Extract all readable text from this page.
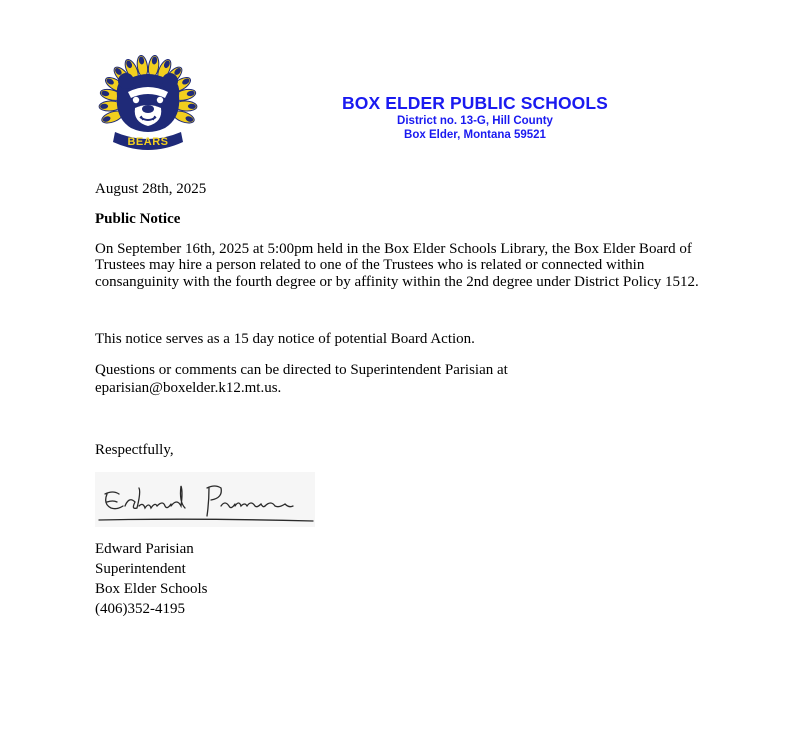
BEARS
BOX ELDER PUBLIC SCHOOLS
District no. 13-G, Hill County
Box Elder, Montana 59521
August 28th, 2025
Public Notice
On September 16th, 2025 at 5:00pm held in the Box Elder Schools Library, the Box Elder Board of Trustees may hire a person related to one of the Trustees who is related or connected within consanguinity with the fourth degree or by affinity within the 2nd degree under District Policy 1512.
This notice serves as a 15 day notice of potential Board Action.
Questions or comments can be directed to Superintendent Parisian at
eparisian@boxelder.k12.mt.us.
Respectfully,
Edward Parisian
Superintendent
Box Elder Schools
(406)352-4195
